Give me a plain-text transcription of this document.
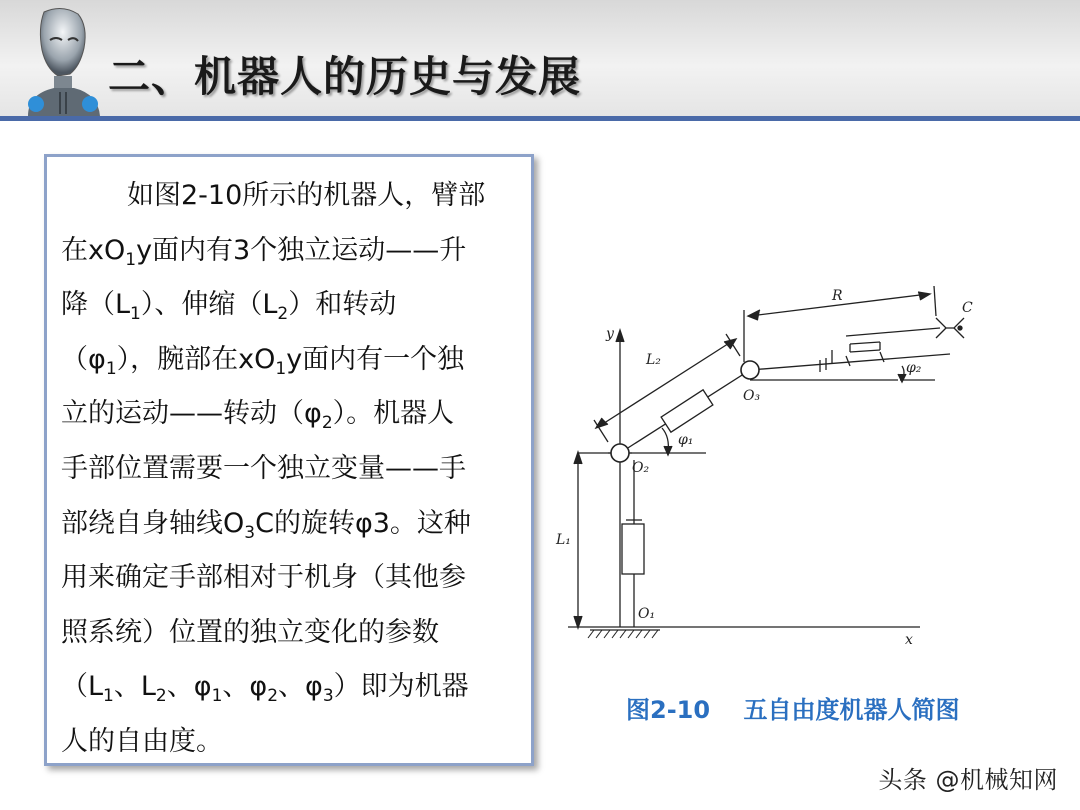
二、机器人的历史与发展

如图2-10所示的机器人，臂部
在$xO_1y$面内有3个独立运动——升
降$(L_1)$、伸缩$(L_2)$和转动
$(\varphi_1)$，腕部在$xO_1y$面内有一个独
立的运动——转动$(\varphi_2)$。机器人
手部位置需要一个独立变量——手
部绕自身轴线$O_3C$的旋转φ3。这种
用来确定手部相对于机身（其他参
照系统）位置的独立变化的参数
（$L_1$、$L_2$、$\varphi_1$、$\varphi_2$、$\varphi_3$）即为机器
人的自由度。

y
x
R
C
L₂
L₁
O₁
O₂
O₃
φ₁
φ₂

图2-10    五自由度机器人简图

头条 @机械知网
